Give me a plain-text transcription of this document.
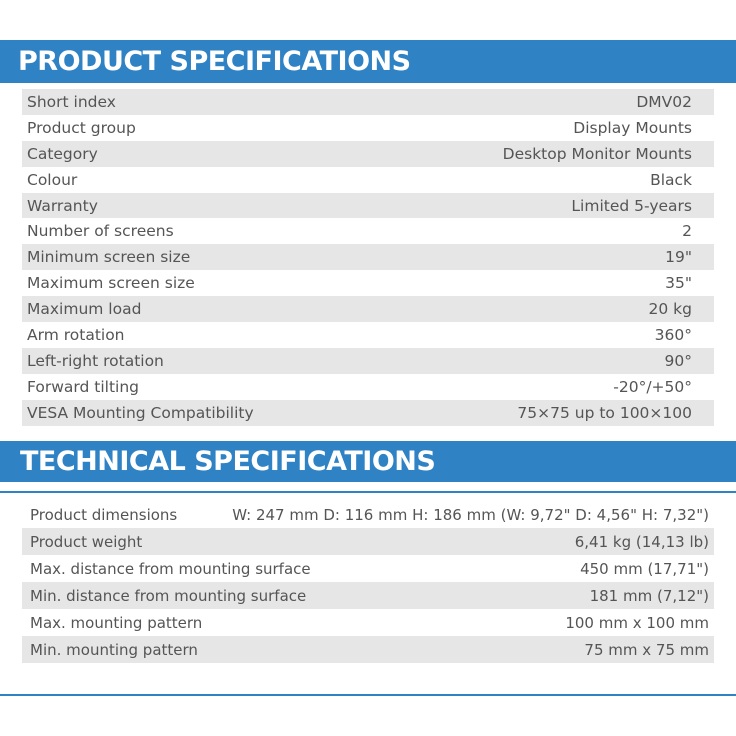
PRODUCT SPECIFICATIONS
Short index	DMV02
Product group	Display Mounts
Category	Desktop Monitor Mounts
Colour	Black
Warranty	Limited 5-years
Number of screens	2
Minimum screen size	19"
Maximum screen size	35"
Maximum load	20 kg
Arm rotation	360°
Left-right rotation	90°
Forward tilting	-20°/+50°
VESA Mounting Compatibility	75×75 up to 100×100
TECHNICAL SPECIFICATIONS
Product dimensions	W: 247 mm D: 116 mm H: 186 mm (W: 9,72" D: 4,56" H: 7,32")
Product weight	6,41 kg (14,13 lb)
Max. distance from mounting surface	450 mm (17,71")
Min. distance from mounting surface	181 mm (7,12")
Max. mounting pattern	100 mm x 100 mm
Min. mounting pattern	75 mm x 75 mm
